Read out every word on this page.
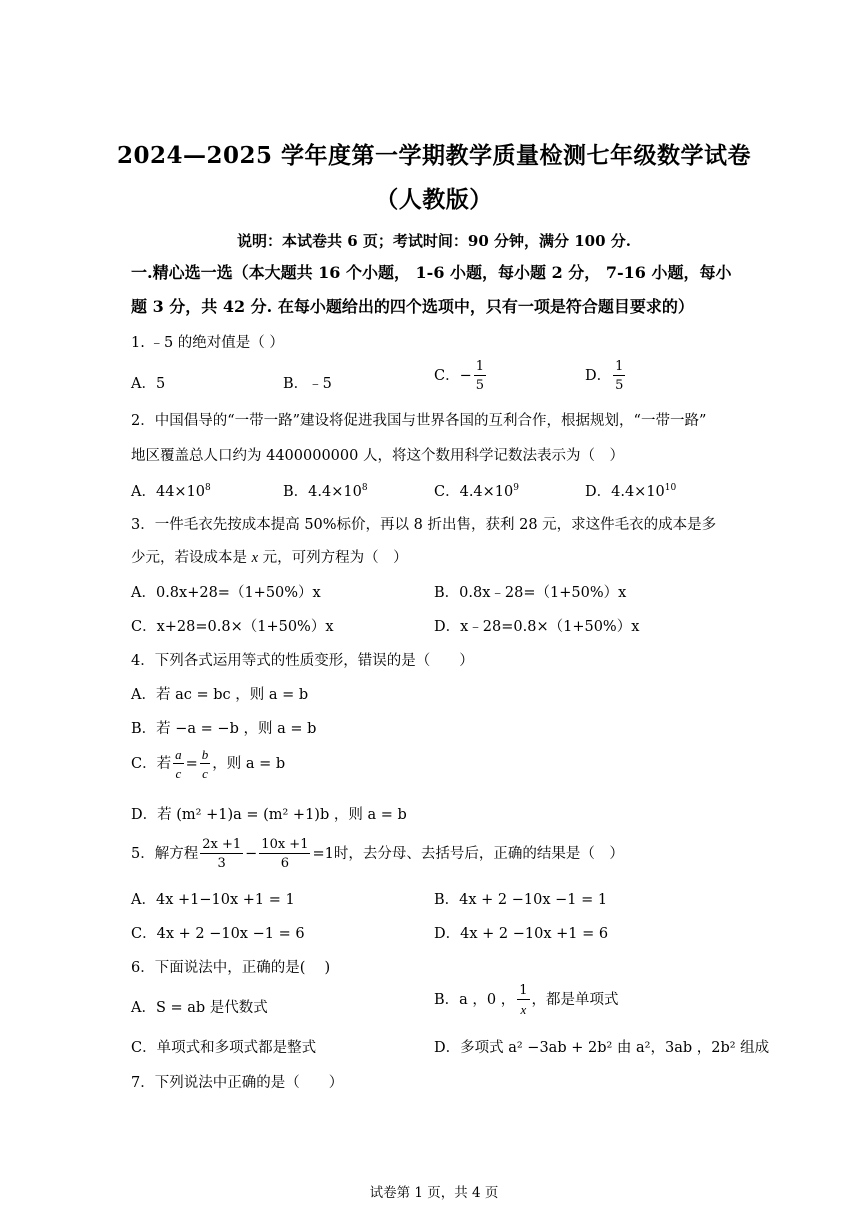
2024—2025 学年度第一学期教学质量检测七年级数学试卷
（人教版）
说明：本试卷共 6 页；考试时间：90 分钟，满分 100 分.
一.精心选一选（本大题共 16 个小题， 1-6 小题，每小题 2 分， 7-16 小题，每小题 3 分，共 42 分. 在每小题给出的四个选项中，只有一项是符合题目要求的）
1. ﹣5 的绝对值是（ ）
A．5	B．﹣5	C．− $\frac{1}{5}$	D． $\frac{1}{5}$
2．中国倡导的“一带一路”建设将促进我国与世界各国的互利合作，根据规划，“一带一路”
地区覆盖总人口约为 4400000000 人，将这个数用科学记数法表示为（　）
A．$44\times 10^8$	B．$4.4\times 10^8$	C．$4.4\times 10^9$	D．$4.4\times 10^{10}$
3．一件毛衣先按成本提高 50%标价，再以 8 折出售，获利 28 元，求这件毛衣的成本是多
少元，若设成本是 x 元，可列方程为（　）
A．0.8x+28=（1+50%）x	B．0.8x﹣28=（1+50%）x
C．x+28=0.8×（1+50%）x	D．x﹣28=0.8×（1+50%）x
4．下列各式运用等式的性质变形，错误的是（　　）
A．若 ac = bc ，则 a = b
B．若 −a = −b ，则 a = b
C．若 $\frac{a}{c} = \frac{b}{c}$ ，则 a = b
D．若 (m² +1)a = (m² +1)b ，则 a = b
5．解方程 $\frac{2x +1}{3} - \frac{10x +1}{6} =1$时，去分母、去括号后，正确的结果是（　）
A．4x +1−10x +1 = 1	B．4x + 2 −10x −1 = 1
C．4x + 2 −10x −1 = 6	D．4x + 2 −10x +1 = 6
6．下面说法中，正确的是(　 )
A．S = ab 是代数式	B．a ，0 ， $\frac{1}{x}$ ，都是单项式
C．单项式和多项式都是整式	D．多项式 a² −3ab + 2b² 由 a²，3ab ，2b² 组成
7．下列说法中正确的是（　　）
试卷第 1 页，共 4 页
